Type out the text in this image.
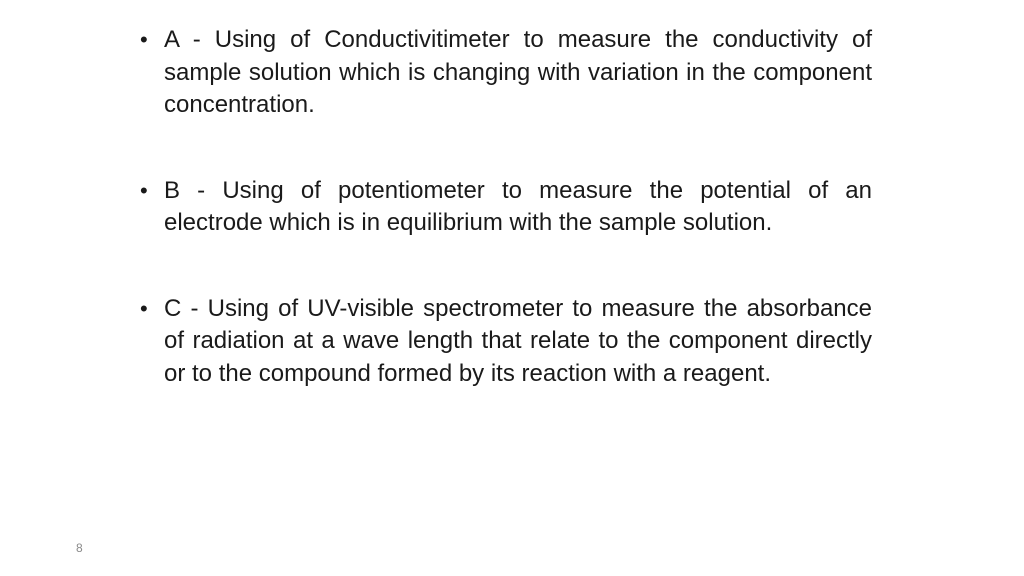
• A - Using of Conductivitimeter to measure the conductivity of sample solution which is changing with variation in the component concentration.
• B - Using of potentiometer to measure the potential of an electrode which is in equilibrium with the sample solution.
• C - Using of UV-visible spectrometer to measure the absorbance of radiation at a wave length that relate to the component directly or to the compound formed by its reaction with a reagent.
8
